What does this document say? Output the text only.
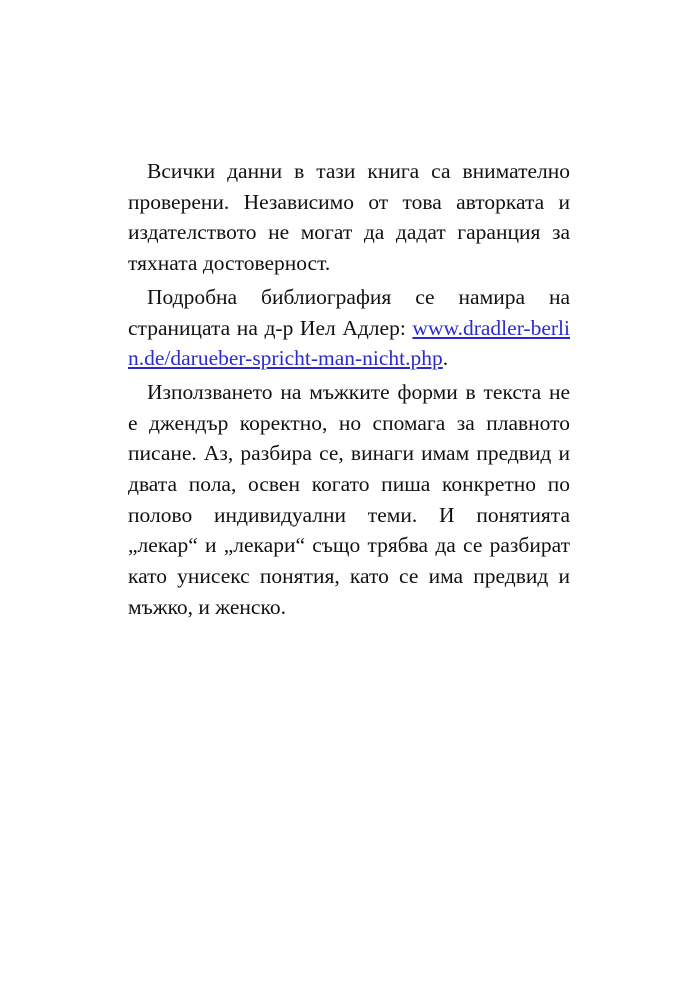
Всички данни в тази книга са внимателно проверени. Независимо от това авторката и издателството не могат да дадат гаранция за тяхната достоверност.

Подробна библиография се намира на страницата на д-р Иел Адлер: www.dradler-berlin.de/darueber-spricht-man-nicht.php.

Използването на мъжките форми в текста не е джендър коректно, но спомага за плавното писане. Аз, разбира се, винаги имам предвид и двата пола, освен когато пиша конкретно по полово индивидуални теми. И понятията „лекар“ и „лекари“ също трябва да се разбират като унисекс понятия, като се има предвид и мъжко, и женско.
